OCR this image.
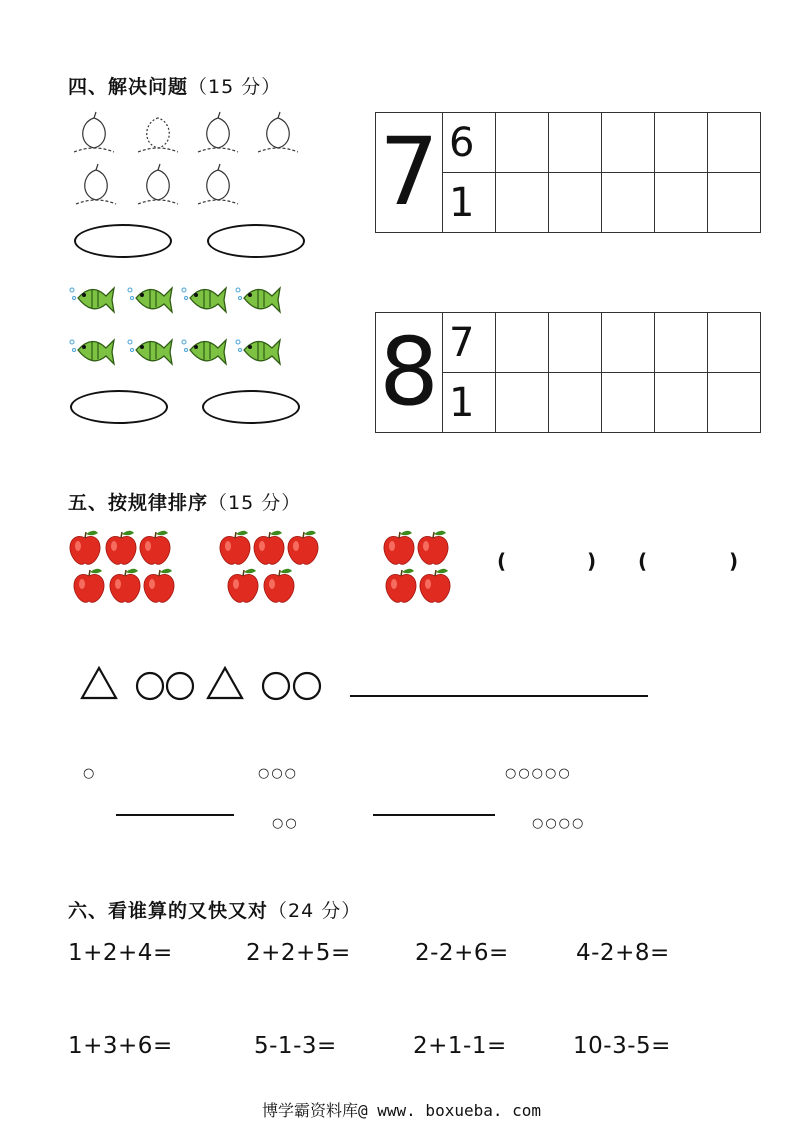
四、解决问题（15 分）
7	6					
	1					
8	7					
	1					
五、按规律排序（15 分）
(	) (	)
○	○○○	○○○○○
○○	○○○○
六、看谁算的又快又对（24 分）
1+2+4=	2+2+5=	2-2+6=	4-2+8=
1+3+6=	5-1-3=	2+1-1=	10-3-5=
博学霸资料库@ www. boxueba. com
